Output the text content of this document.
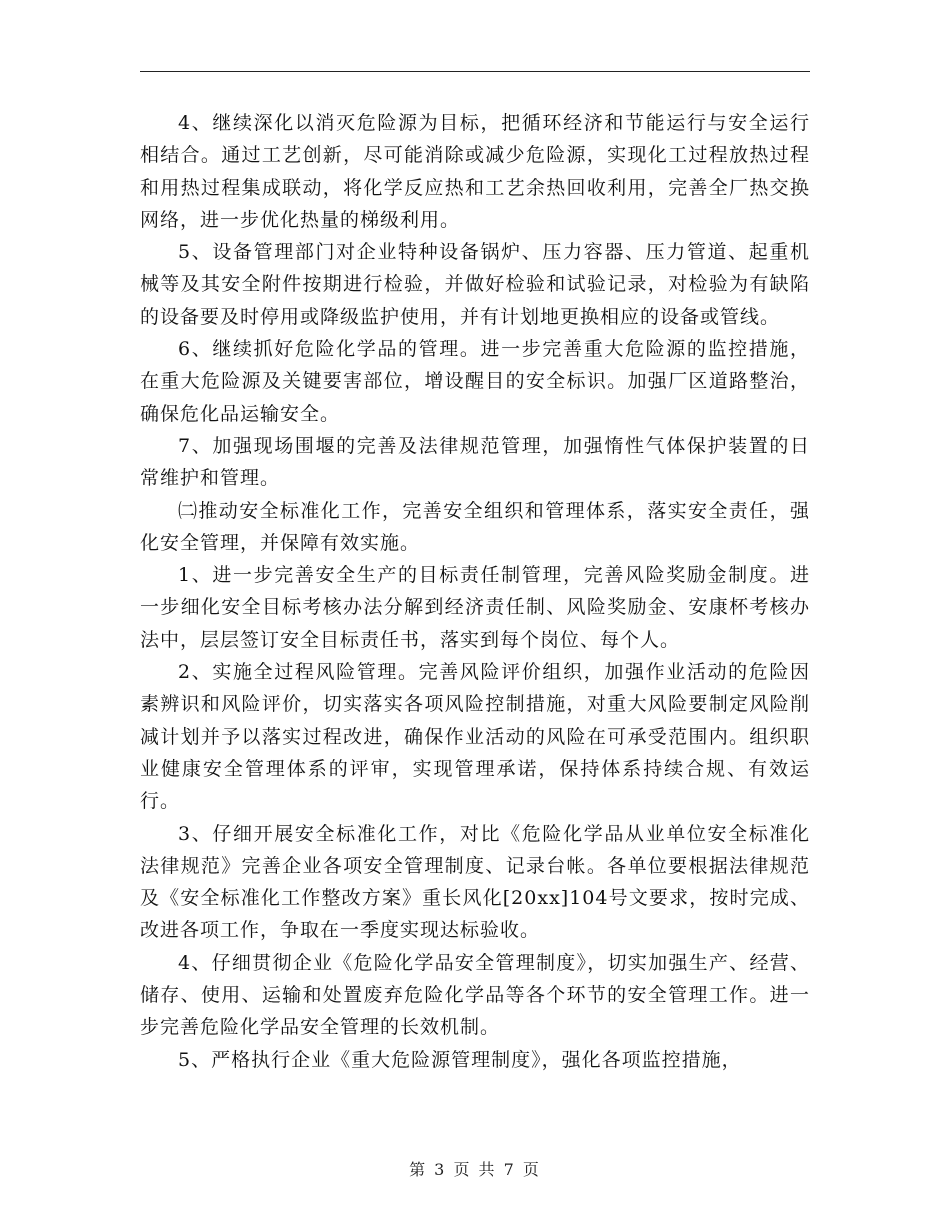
4、继续深化以消灭危险源为目标，把循环经济和节能运行与安全运行相结合。通过工艺创新，尽可能消除或减少危险源，实现化工过程放热过程和用热过程集成联动，将化学反应热和工艺余热回收利用，完善全厂热交换网络，进一步优化热量的梯级利用。

5、设备管理部门对企业特种设备锅炉、压力容器、压力管道、起重机械等及其安全附件按期进行检验，并做好检验和试验记录，对检验为有缺陷的设备要及时停用或降级监护使用，并有计划地更换相应的设备或管线。

6、继续抓好危险化学品的管理。进一步完善重大危险源的监控措施，在重大危险源及关键要害部位，增设醒目的安全标识。加强厂区道路整治，确保危化品运输安全。

7、加强现场围堰的完善及法律规范管理，加强惰性气体保护装置的日常维护和管理。

㈡推动安全标准化工作，完善安全组织和管理体系，落实安全责任，强化安全管理，并保障有效实施。

1、进一步完善安全生产的目标责任制管理，完善风险奖励金制度。进一步细化安全目标考核办法分解到经济责任制、风险奖励金、安康杯考核办法中，层层签订安全目标责任书，落实到每个岗位、每个人。

2、实施全过程风险管理。完善风险评价组织，加强作业活动的危险因素辨识和风险评价，切实落实各项风险控制措施，对重大风险要制定风险削减计划并予以落实过程改进，确保作业活动的风险在可承受范围内。组织职业健康安全管理体系的评审，实现管理承诺，保持体系持续合规、有效运行。

3、仔细开展安全标准化工作，对比《危险化学品从业单位安全标准化法律规范》完善企业各项安全管理制度、记录台帐。各单位要根据法律规范及《安全标准化工作整改方案》重长风化[20xx]104号文要求，按时完成、改进各项工作，争取在一季度实现达标验收。

4、仔细贯彻企业《危险化学品安全管理制度》，切实加强生产、经营、储存、使用、运输和处置废弃危险化学品等各个环节的安全管理工作。进一步完善危险化学品安全管理的长效机制。

5、严格执行企业《重大危险源管理制度》，强化各项监控措施，

第 3 页 共 7 页
